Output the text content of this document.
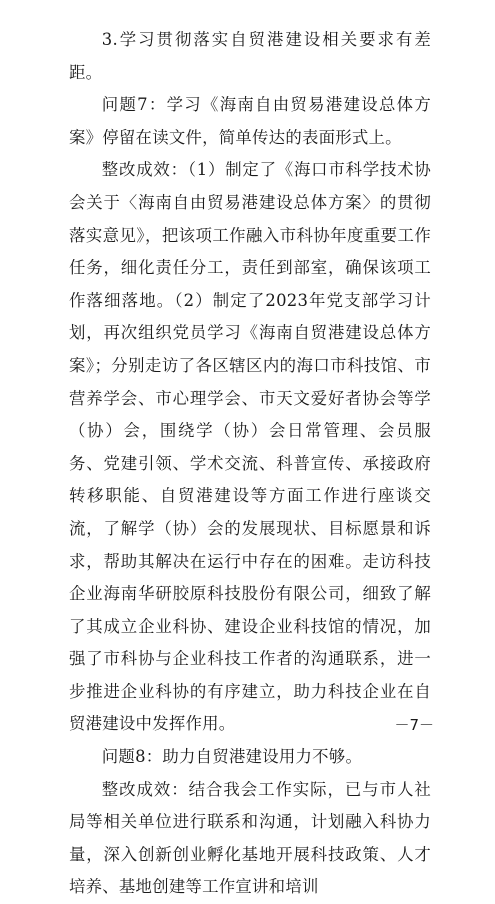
3.学习贯彻落实自贸港建设相关要求有差距。

问题7：学习《海南自由贸易港建设总体方案》停留在读文件，简单传达的表面形式上。

整改成效：（1）制定了《海口市科学技术协会关于〈海南自由贸易港建设总体方案〉的贯彻落实意见》，把该项工作融入市科协年度重要工作任务，细化责任分工，责任到部室，确保该项工作落细落地。（2）制定了2023年党支部学习计划，再次组织党员学习《海南自贸港建设总体方案》；分别走访了各区辖区内的海口市科技馆、市营养学会、市心理学会、市天文爱好者协会等学（协）会，围绕学（协）会日常管理、会员服务、党建引领、学术交流、科普宣传、承接政府转移职能、自贸港建设等方面工作进行座谈交流，了解学（协）会的发展现状、目标愿景和诉求，帮助其解决在运行中存在的困难。走访科技企业海南华研胶原科技股份有限公司，细致了解了其成立企业科协、建设企业科技馆的情况，加强了市科协与企业科技工作者的沟通联系，进一步推进企业科协的有序建立，助力科技企业在自贸港建设中发挥作用。

问题8：助力自贸港建设用力不够。

整改成效：结合我会工作实际，已与市人社局等相关单位进行联系和沟通，计划融入科协力量，深入创新创业孵化基地开展科技政策、人才培养、基地创建等工作宣讲和培训

－7－
